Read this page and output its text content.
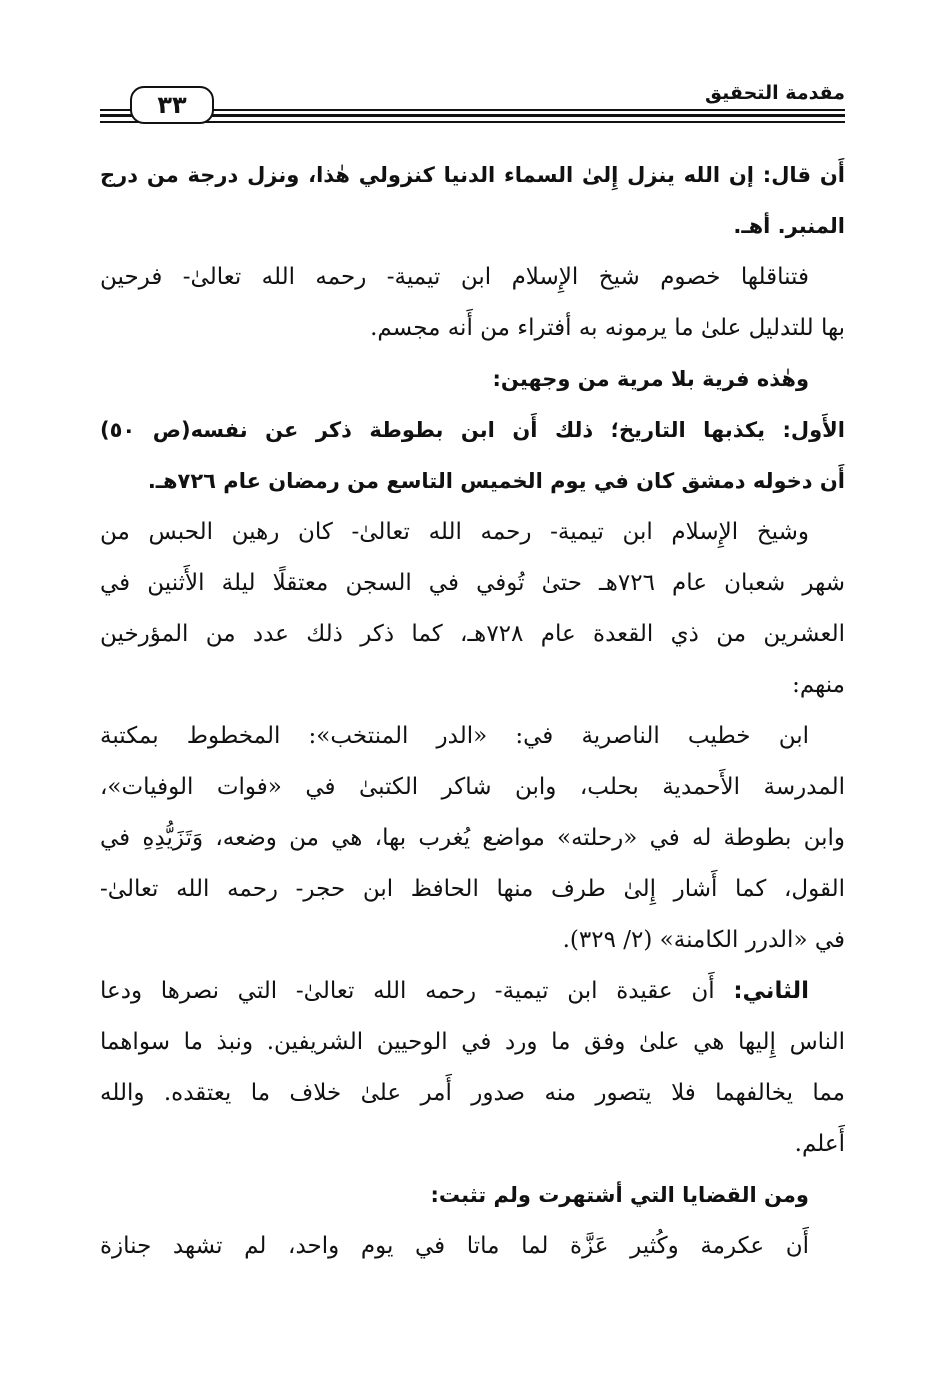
٣٣	مقدمة التحقيق
أَن قال: إن الله ينزل إِلىٰ السماء الدنيا كنزولي هٰذا، ونزل درجة من درج
المنبر. أهـ.
فتناقلها خصوم شيخ الإِسلام ابن تيمية- رحمه الله تعالىٰ- فرحين
بها للتدليل علىٰ ما يرمونه به أفتراء من أَنه مجسم.
وهٰذه فرية بلا مرية من وجهين:
الأَول: يكذبها التاريخ؛ ذلك أَن ابن بطوطة ذكر عن نفسه(ص ٥٠)
أَن دخوله دمشق كان في يوم الخميس التاسع من رمضان عام ٧٢٦هـ.
وشيخ الإِسلام ابن تيمية- رحمه الله تعالىٰ- كان رهين الحبس من
شهر شعبان عام ٧٢٦هـ حتىٰ تُوفي في السجن معتقلًا ليلة الأَثنين في
العشرين من ذي القعدة عام ٧٢٨هـ، كما ذكر ذلك عدد من المؤرخين
منهم:
ابن خطيب الناصرية في: «الدر المنتخب»: المخطوط بمكتبة
المدرسة الأَحمدية بحلب، وابن شاكر الكتبىٰ في «فوات الوفيات»،
وابن بطوطة له في «رحلته» مواضع يُغرب بها، هي من وضعه، وَتَزَيُّدِهِ في
القول، كما أَشار إِلىٰ طرف منها الحافظ ابن حجر- رحمه الله تعالىٰ-
في «الدرر الكامنة» (٢/ ٣٢٩).
الثاني: أَن عقيدة ابن تيمية- رحمه الله تعالىٰ- التي نصرها ودعا
الناس إِليها هي علىٰ وفق ما ورد في الوحيين الشريفين. ونبذ ما سواهما
مما يخالفهما فلا يتصور منه صدور أَمر علىٰ خلاف ما يعتقده. والله
أَعلم.
ومن القضايا التي أشتهرت ولم تثبت:
أَن عكرمة وكُثير عَزَّة لما ماتا في يوم واحد، لم تشهد جنازة
